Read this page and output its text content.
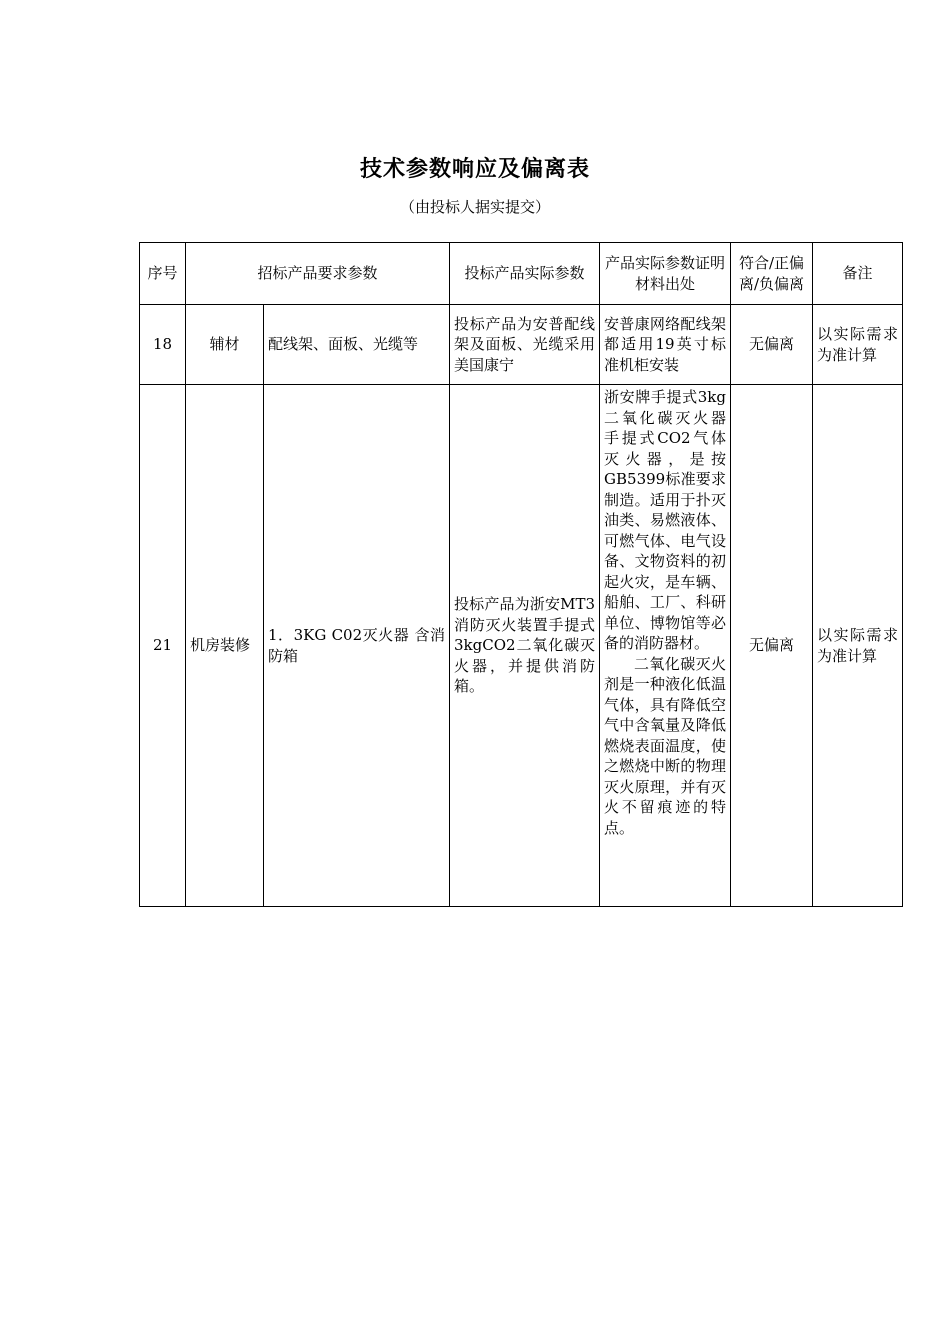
技术参数响应及偏离表
（由投标人据实提交）
序号	招标产品要求参数		投标产品实际参数	产品实际参数证明材料出处	符合/正偏离/负偏离	备注
18	辅材	配线架、面板、光缆等	投标产品为安普配线架及面板、光缆采用美国康宁	安普康网络配线架都适用19英寸标准机柜安装	无偏离	以实际需求为准计算
21	机房装修	1．3KG C02灭火器 含消防箱	投标产品为浙安MT3消防灭火装置手提式3kgCO2二氧化碳灭火器，并提供消防箱。	浙安牌手提式3kg二氧化碳灭火器 手提式CO2气体灭火器，是按GB5399标准要求制造。适用于扑灭油类、易燃液体、可燃气体、电气设备、文物资料的初起火灾，是车辆、船舶、工厂、科研单位、博物馆等必备的消防器材。
二氧化碳灭火剂是一种液化低温气体，具有降低空气中含氧量及降低燃烧表面温度，使之燃烧中断的物理灭火原理，并有灭火不留痕迹的特点。	无偏离	以实际需求为准计算
